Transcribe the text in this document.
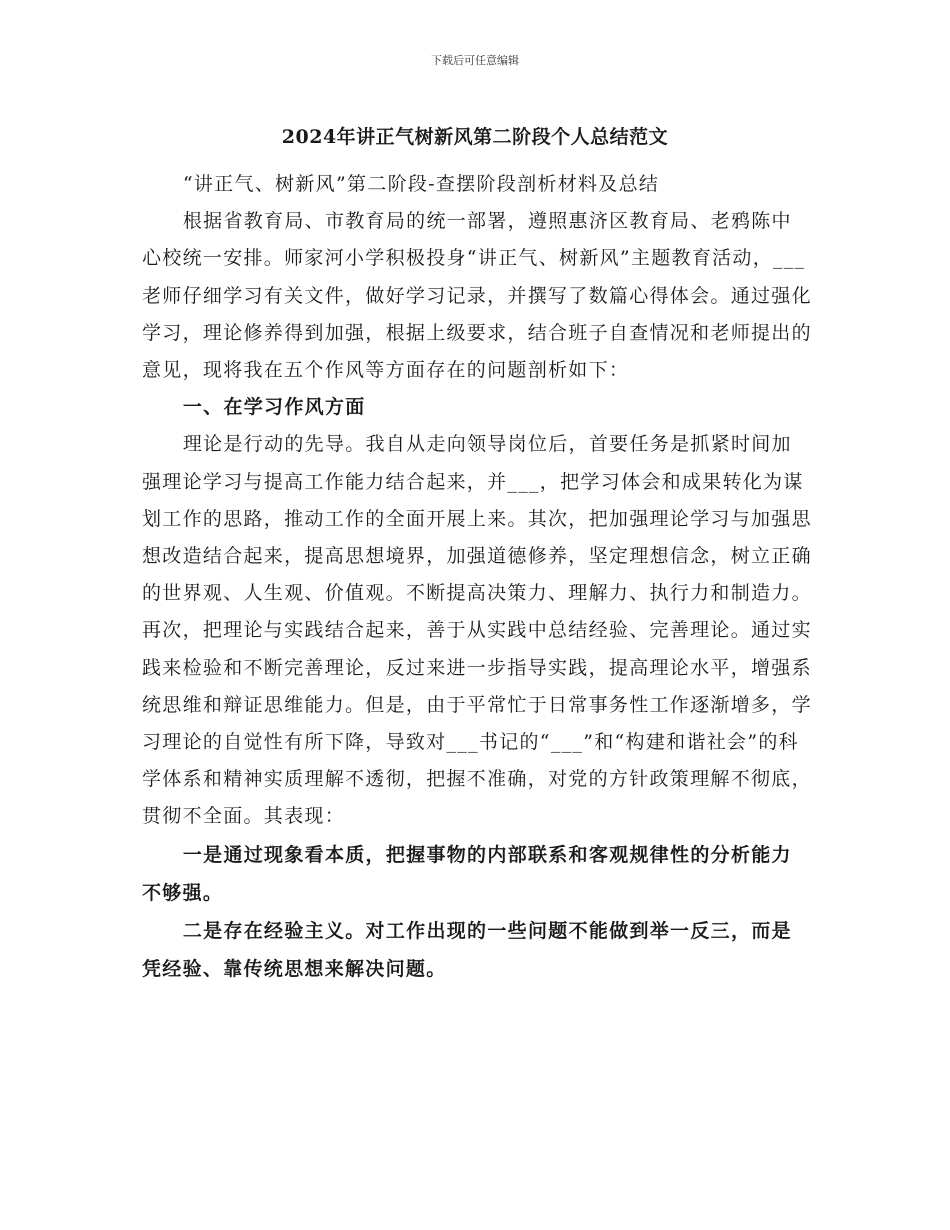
下载后可任意编辑
2024年讲正气树新风第二阶段个人总结范文

“讲正气、树新风”第二阶段-查摆阶段剖析材料及总结

根据省教育局、市教育局的统一部署，遵照惠济区教育局、老鸦陈中心校统一安排。师家河小学积极投身“讲正气、树新风”主题教育活动，___老师仔细学习有关文件，做好学习记录，并撰写了数篇心得体会。通过强化学习，理论修养得到加强，根据上级要求，结合班子自查情况和老师提出的意见，现将我在五个作风等方面存在的问题剖析如下：

一、在学习作风方面

理论是行动的先导。我自从走向领导岗位后，首要任务是抓紧时间加强理论学习与提高工作能力结合起来，并___，把学习体会和成果转化为谋划工作的思路，推动工作的全面开展上来。其次，把加强理论学习与加强思想改造结合起来，提高思想境界，加强道德修养，坚定理想信念，树立正确的世界观、人生观、价值观。不断提高决策力、理解力、执行力和制造力。再次，把理论与实践结合起来，善于从实践中总结经验、完善理论。通过实践来检验和不断完善理论，反过来进一步指导实践，提高理论水平，增强系统思维和辩证思维能力。但是，由于平常忙于日常事务性工作逐渐增多，学习理论的自觉性有所下降，导致对___书记的“___”和“构建和谐社会”的科学体系和精神实质理解不透彻，把握不准确，对党的方针政策理解不彻底，贯彻不全面。其表现：

一是通过现象看本质，把握事物的内部联系和客观规律性的分析能力不够强。

二是存在经验主义。对工作出现的一些问题不能做到举一反三，而是凭经验、靠传统思想来解决问题。
